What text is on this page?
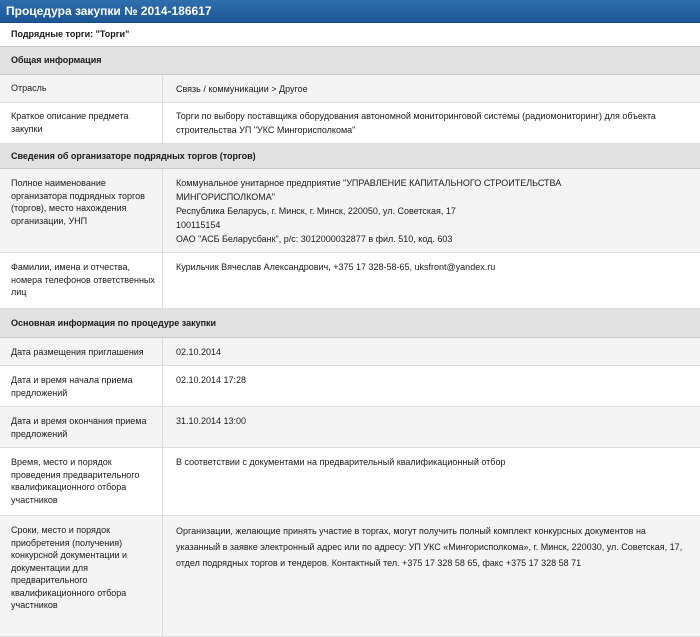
Процедура закупки № 2014-186617
Подрядные торги: "Торги"
Общая информация
Отрасль	Связь / коммуникации > Другое
Краткое описание предмета закупки
Торги по выбору поставщика оборудования автономной мониторинговой системы (радиомониторинг) для объекта строительства УП "УКС Мингорисполкома"
Сведения об организаторе подрядных торгов (торгов)
Полное наименование организатора подрядных торгов (торгов), место нахождения организации, УНП
Коммунальное унитарное предприятие "УПРАВЛЕНИЕ КАПИТАЛЬНОГО СТРОИТЕЛЬСТВА
МИНГОРИСПОЛКОМА"
Республика Беларусь, г. Минск, г. Минск, 220050, ул. Советская, 17
100115154
ОАО "АСБ Беларусбанк", р/с: 3012000032877 в фил. 510, код. 603
Фамилии, имена и отчества, номера телефонов ответственных лиц
Курильчик Вячеслав Александрович, +375 17 328-58-65, uksfront@yandex.ru
Основная информация по процедуре закупки
Дата размещения приглашения	02.10.2014
Дата и время начала приема предложений
02.10.2014 17:28
Дата и время окончания приема предложений
31.10.2014 13:00
Время, место и порядок проведения предварительного квалификационного отбора участников
В соответствии с документами на предварительный квалификационный отбор
Сроки, место и порядок приобретения (получения) конкурсной документации и документации для предварительного квалификационного отбора участников
Организации, желающие принять участие в торгах, могут получить полный комплект конкурсных документов на указанный в заявке электронный адрес или по адресу: УП УКС «Мингорисполкома», г. Минск, 220030, ул. Советская, 17, отдел подрядных торгов и тендеров. Контактный тел. +375 17 328 58 65, факс +375 17 328 58 71
